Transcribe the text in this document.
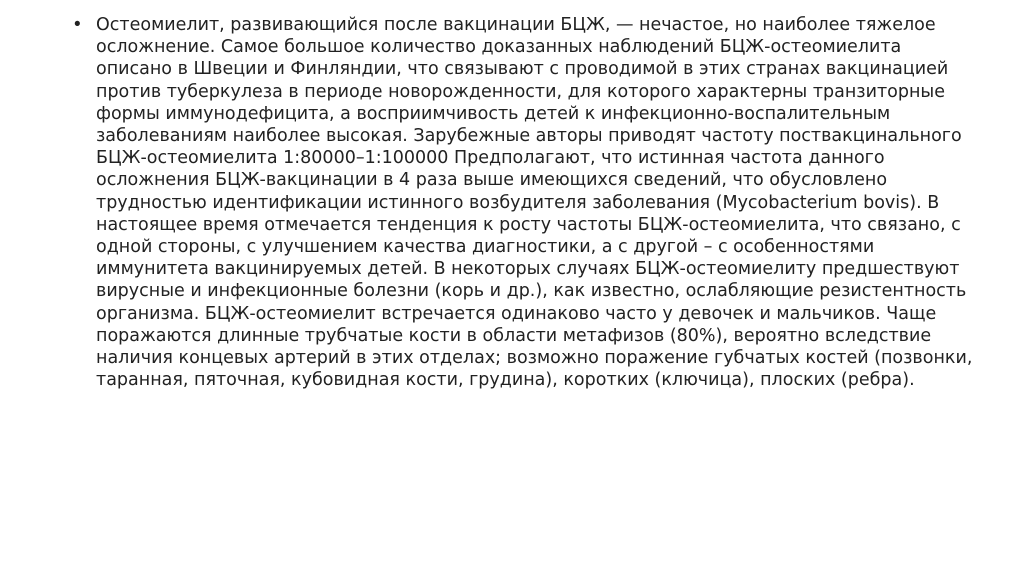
• Остеомиелит, развивающийся после вакцинации БЦЖ, — нечастое, но наиболее тяжелое осложнение. Самое большое количество доказанных наблюдений БЦЖ-остеомиелита описано в Швеции и Финляндии, что связывают с проводимой в этих странах вакцинацией против туберкулеза в периоде новорожденности, для которого характерны транзиторные формы иммунодефицита, а восприимчивость детей к инфекционно-воспалительным заболеваниям наиболее высокая. Зарубежные авторы приводят частоту поствакцинального БЦЖ-остеомиелита 1:80000–1:100000 Предполагают, что истинная частота данного осложнения БЦЖ-вакцинации в 4 раза выше имеющихся сведений, что обусловлено трудностью идентификации истинного возбудителя заболевания (Mycobacterium bovis). В настоящее время отмечается тенденция к росту частоты БЦЖ-остеомиелита, что связано, с одной стороны, с улучшением качества диагностики, а с другой – с особенностями иммунитета вакцинируемых детей. В некоторых случаях БЦЖ-остеомиелиту предшествуют вирусные и инфекционные болезни (корь и др.), как известно, ослабляющие резистентность организма. БЦЖ-остеомиелит встречается одинаково часто у девочек и мальчиков. Чаще поражаются длинные трубчатые кости в области метафизов (80%), вероятно вследствие наличия концевых артерий в этих отделах; возможно поражение губчатых костей (позвонки, таранная, пяточная, кубовидная кости, грудина), коротких (ключица), плоских (ребра).
